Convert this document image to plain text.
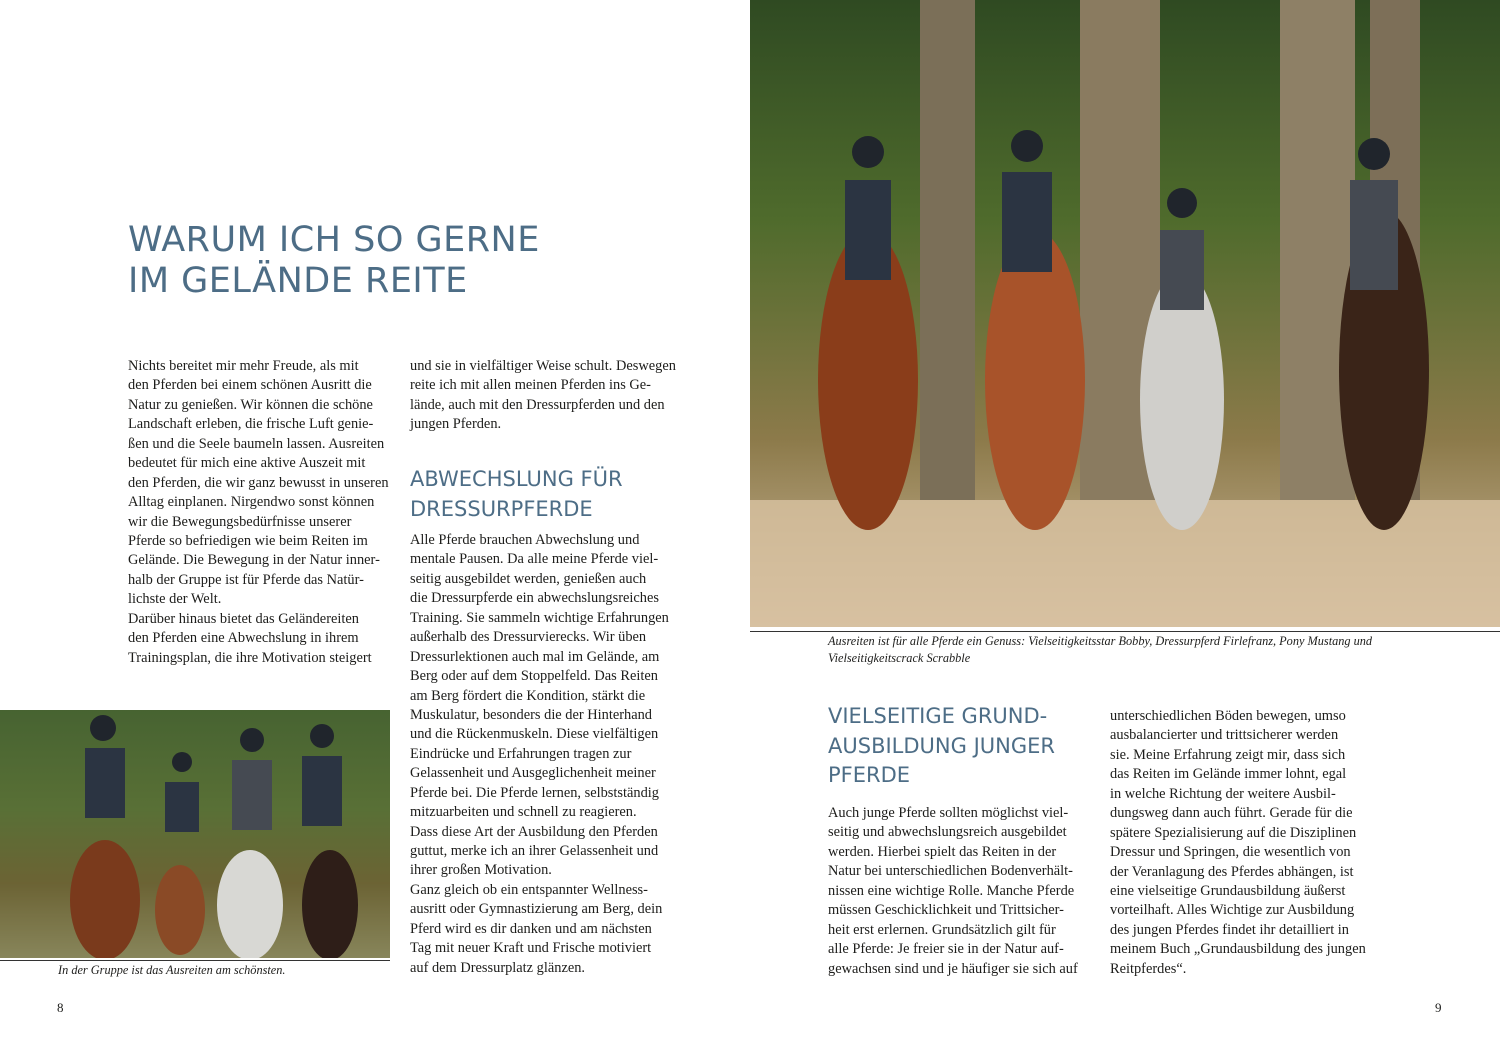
WARUM ICH SO GERNE
IM GELÄNDE REITE
Nichts bereitet mir mehr Freude, als mit
den Pferden bei einem schönen Ausritt die
Natur zu genießen. Wir können die schöne
Landschaft erleben, die frische Luft genie-
ßen und die Seele baumeln lassen. Ausreiten
bedeutet für mich eine aktive Auszeit mit
den Pferden, die wir ganz bewusst in unseren
Alltag einplanen. Nirgendwo sonst können
wir die Bewegungsbedürfnisse unserer
Pferde so befriedigen wie beim Reiten im
Gelände. Die Bewegung in der Natur inner-
halb der Gruppe ist für Pferde das Natür-
lichste der Welt.
Darüber hinaus bietet das Geländereiten
den Pferden eine Abwechslung in ihrem
Trainingsplan, die ihre Motivation steigert
und sie in vielfältiger Weise schult. Deswegen
reite ich mit allen meinen Pferden ins Ge-
lände, auch mit den Dressurpferden und den
jungen Pferden.
ABWECHSLUNG FÜR
DRESSURPFERDE
Alle Pferde brauchen Abwechslung und
mentale Pausen. Da alle meine Pferde viel-
seitig ausgebildet werden, genießen auch
die Dressurpferde ein abwechslungsreiches
Training. Sie sammeln wichtige Erfahrungen
außerhalb des Dressurvierecks. Wir üben
Dressurlektionen auch mal im Gelände, am
Berg oder auf dem Stoppelfeld. Das Reiten
am Berg fördert die Kondition, stärkt die
Muskulatur, besonders die der Hinterhand
und die Rückenmuskeln. Diese vielfältigen
Eindrücke und Erfahrungen tragen zur
Gelassenheit und Ausgeglichenheit meiner
Pferde bei. Die Pferde lernen, selbstständig
mitzuarbeiten und schnell zu reagieren.
Dass diese Art der Ausbildung den Pferden
guttut, merke ich an ihrer Gelassenheit und
ihrer großen Motivation.
Ganz gleich ob ein entspannter Wellness-
ausritt oder Gymnastizierung am Berg, dein
Pferd wird es dir danken und am nächsten
Tag mit neuer Kraft und Frische motiviert
auf dem Dressurplatz glänzen.
In der Gruppe ist das Ausreiten am schönsten.
8
Ausreiten ist für alle Pferde ein Genuss: Vielseitigkeitsstar Bobby, Dressurpferd Firlefranz, Pony Mustang und
Vielseitigkeitscrack Scrabble
VIELSEITIGE GRUND-
AUSBILDUNG JUNGER
PFERDE
Auch junge Pferde sollten möglichst viel-
seitig und abwechslungsreich ausgebildet
werden. Hierbei spielt das Reiten in der
Natur bei unterschiedlichen Bodenverhält-
nissen eine wichtige Rolle. Manche Pferde
müssen Geschicklichkeit und Trittsicher-
heit erst erlernen. Grundsätzlich gilt für
alle Pferde: Je freier sie in der Natur auf-
gewachsen sind und je häufiger sie sich auf
unterschiedlichen Böden bewegen, umso
ausbalancierter und trittsicherer werden
sie. Meine Erfahrung zeigt mir, dass sich
das Reiten im Gelände immer lohnt, egal
in welche Richtung der weitere Ausbil-
dungsweg dann auch führt. Gerade für die
spätere Spezialisierung auf die Disziplinen
Dressur und Springen, die wesentlich von
der Veranlagung des Pferdes abhängen, ist
eine vielseitige Grundausbildung äußerst
vorteilhaft. Alles Wichtige zur Ausbildung
des jungen Pferdes findet ihr detailliert in
meinem Buch „Grundausbildung des jungen
Reitpferdes“.
9
